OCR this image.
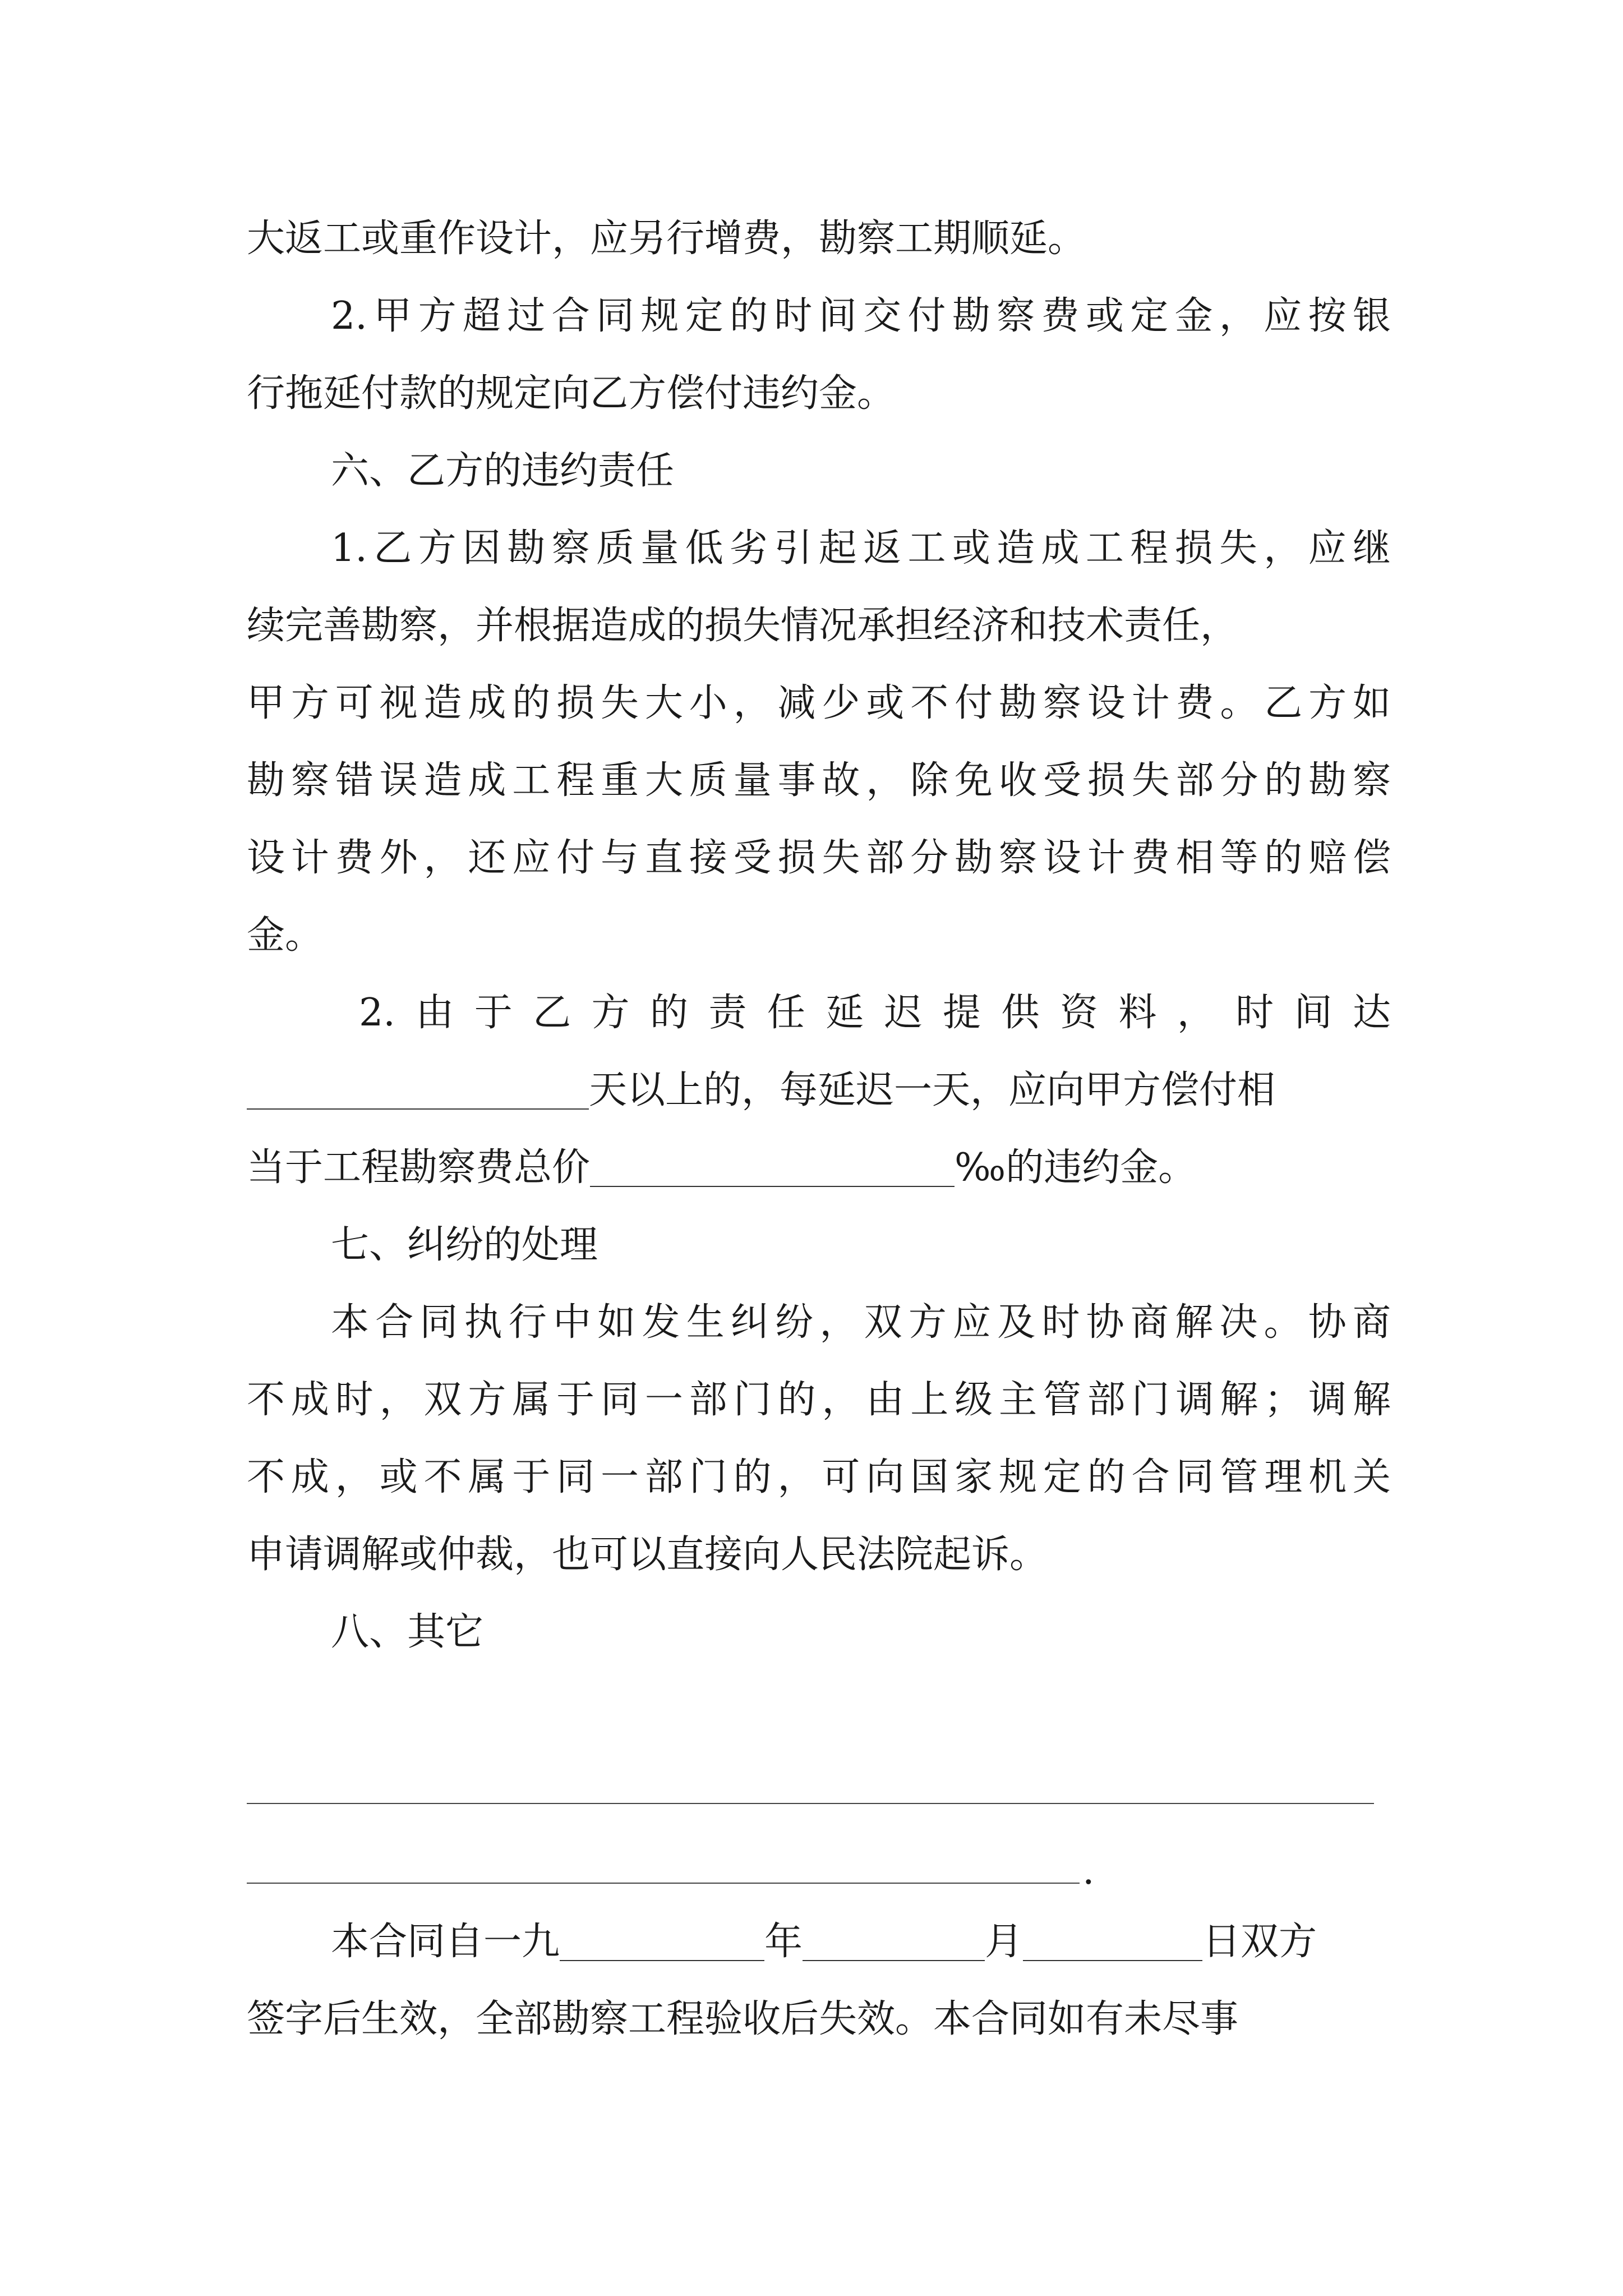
大返工或重作设计，应另行增费，勘察工期顺延。
2.甲方超过合同规定的时间交付勘察费或定金，应按银
行拖延付款的规定向乙方偿付违约金。
六、乙方的违约责任
1.乙方因勘察质量低劣引起返工或造成工程损失，应继
续完善勘察，并根据造成的损失情况承担经济和技术责任，
甲方可视造成的损失大小，减少或不付勘察设计费。乙方如
勘察错误造成工程重大质量事故，除免收受损失部分的勘察
设计费外，还应付与直接受损失部分勘察设计费相等的赔偿
金。
2.由于乙方的责任延迟提供资料，时间达
天以上的，每延迟一天，应向甲方偿付相
当于工程勘察费总价	‰的违约金。
七、纠纷的处理
本合同执行中如发生纠纷，双方应及时协商解决。协商
不成时，双方属于同一部门的，由上级主管部门调解；调解
不成，或不属于同一部门的，可向国家规定的合同管理机关
申请调解或仲裁，也可以直接向人民法院起诉。
八、其它
.
本合同自一九	年	月	日双方
签字后生效，全部勘察工程验收后失效。本合同如有未尽事
